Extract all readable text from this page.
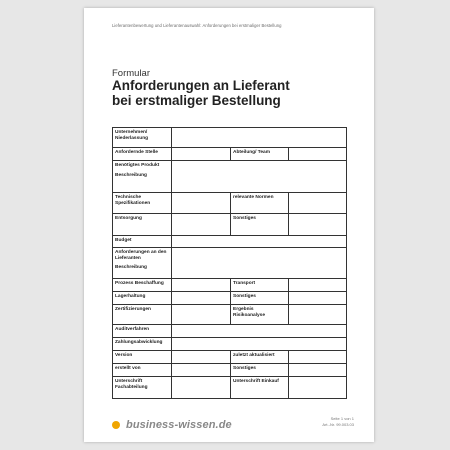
Lieferantenbewertung und Lieferantenauswahl: Anforderungen bei erstmaliger Bestellung
Formular
Anforderungen an Lieferant
bei erstmaliger Bestellung
Unternehmen/ Niederlassung			
Anfordernde Stelle		Abteilung/ Team	
Benötigtes Produkt
Beschreibung			

Technische Spezifikationen		relevante Normen	
Entsorgung		Sonstiges	
Budget			
Anforderungen an den Lieferanten
Beschreibung			

Prozess Beschaffung		Transport	
Lagerhaltung		Sonstiges	
Zertifizierungen		Ergebnis Risikoanalyse	
Auditverfahren			
Zahlungsabwicklung			
Version		zuletzt aktualisiert	
erstellt von		Sonstiges	
Unterschrift Fachabteilung		Unterschrift Einkauf	
business-wissen.de
Seite 1 von 1
Art.-Nr. 99.003.03
